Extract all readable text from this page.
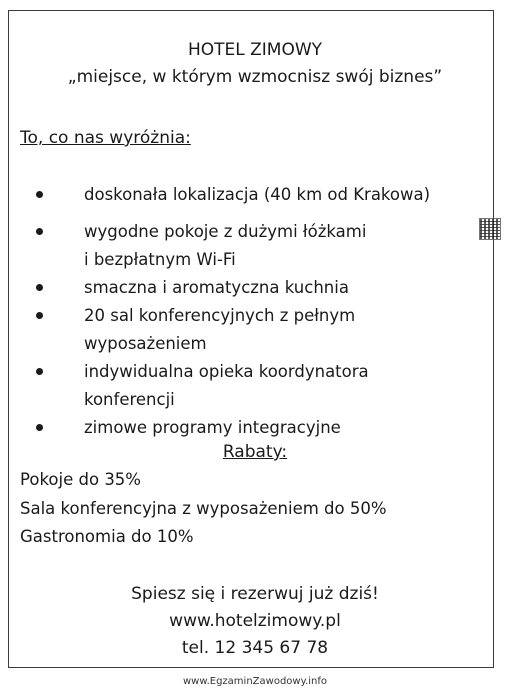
HOTEL ZIMOWY
„miejsce, w którym wzmocnisz swój biznes”
To, co nas wyróżnia:
doskonała lokalizacja (40 km od Krakowa)
wygodne pokoje z dużymi łóżkami
i bezpłatnym Wi-Fi
smaczna i aromatyczna kuchnia
20 sal konferencyjnych z pełnym
wyposażeniem
indywidualna opieka koordynatora
konferencji
zimowe programy integracyjne
Rabaty:
Pokoje do 35%
Sala konferencyjna z wyposażeniem do 50%
Gastronomia do 10%
Spiesz się i rezerwuj już dziś!
www.hotelzimowy.pl
tel. 12 345 67 78
www.EgzaminZawodowy.info
